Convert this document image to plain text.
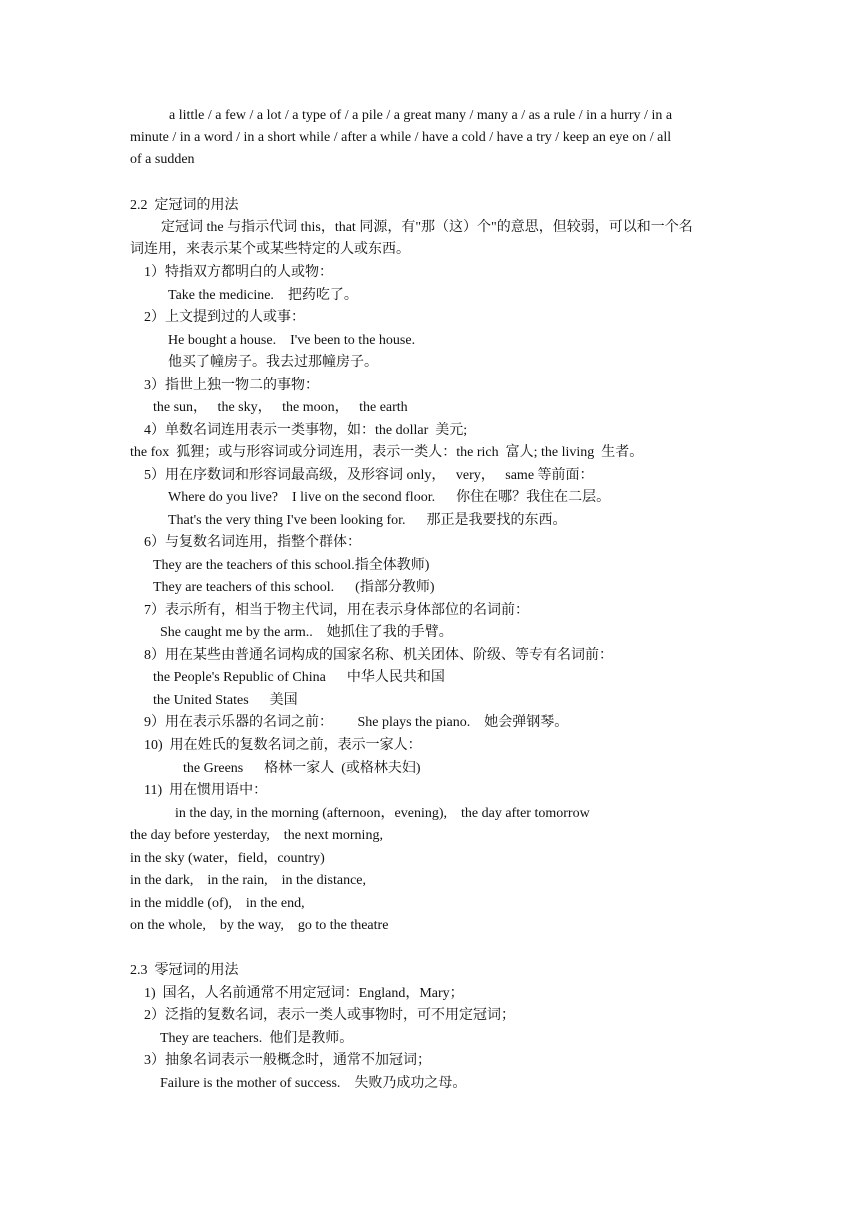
a little / a few / a lot / a type of / a pile / a great many / many a / as a rule / in a hurry / in a

minute / in a word / in a short while / after a while / have a cold / have a try / keep an eye on / all

of a sudden

2.2  定冠词的用法

定冠词 the 与指示代词 this，that 同源，有"那（这）个"的意思，但较弱，可以和一个名

词连用，来表示某个或某些特定的人或东西。

1）特指双方都明白的人或物：

Take the medicine.    把药吃了。

2）上文提到过的人或事：

He bought a house.    I've been to the house.

他买了幢房子。我去过那幢房子。

3）指世上独一物二的事物：

the sun，   the sky，   the moon，   the earth

4）单数名词连用表示一类事物，如：the dollar  美元;

the fox  狐狸；或与形容词或分词连用，表示一类人：the rich  富人; the living  生者。

5）用在序数词和形容词最高级，及形容词 only，   very，   same 等前面：

Where do you live?    I live on the second floor.      你住在哪？我住在二层。

That's the very thing I've been looking for.      那正是我要找的东西。

6）与复数名词连用，指整个群体：

They are the teachers of this school.指全体教师)

They are teachers of this school.      (指部分教师)

7）表示所有，相当于物主代词，用在表示身体部位的名词前：

She caught me by the arm..    她抓住了我的手臂。

8）用在某些由普通名词构成的国家名称、机关团体、阶级、等专有名词前：

the People's Republic of China      中华人民共和国

the United States      美国

9）用在表示乐器的名词之前：       She plays the piano.    她会弹钢琴。

10)  用在姓氏的复数名词之前，表示一家人：

the Greens      格林一家人  (或格林夫妇)

11)  用在惯用语中：

in the day, in the morning (afternoon，evening),    the day after tomorrow

the day before yesterday,    the next morning,

in the sky (water，field，country)

in the dark,    in the rain,    in the distance,

in the middle (of),    in the end,

on the whole,    by the way,    go to the theatre

2.3  零冠词的用法

1)  国名，人名前通常不用定冠词：England，Mary；

2）泛指的复数名词，表示一类人或事物时，可不用定冠词；

They are teachers.  他们是教师。

3）抽象名词表示一般概念时，通常不加冠词；

Failure is the mother of success.    失败乃成功之母。
